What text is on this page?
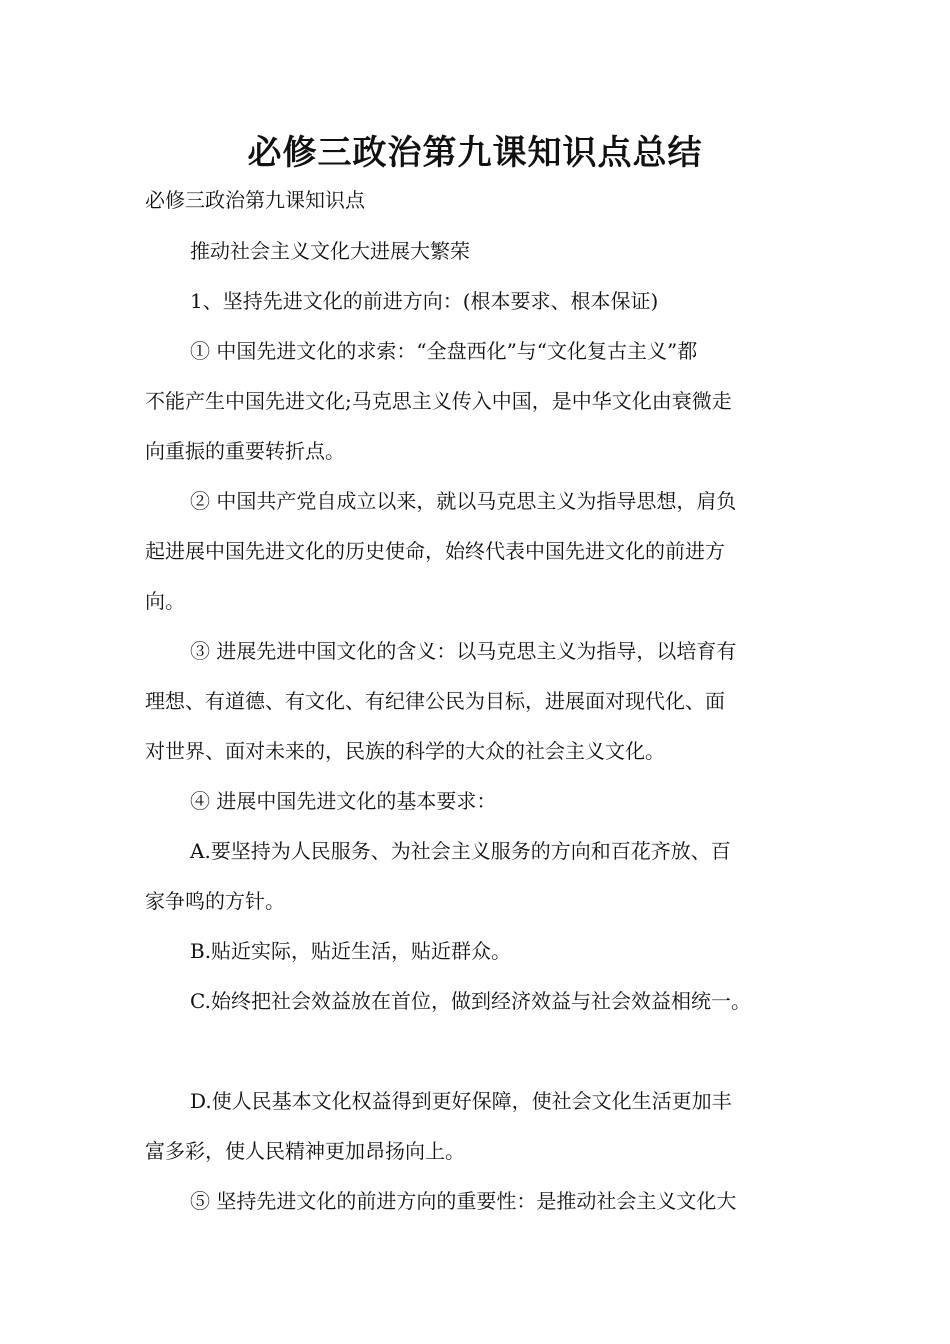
必修三政治第九课知识点总结

必修三政治第九课知识点

推动社会主义文化大进展大繁荣

1、坚持先进文化的前进方向：(根本要求、根本保证)

① 中国先进文化的求索：“全盘西化”与“文化复古主义”都

不能产生中国先进文化;马克思主义传入中国，是中华文化由衰微走

向重振的重要转折点。

② 中国共产党自成立以来，就以马克思主义为指导思想，肩负

起进展中国先进文化的历史使命，始终代表中国先进文化的前进方

向。

③ 进展先进中国文化的含义：以马克思主义为指导，以培育有

理想、有道德、有文化、有纪律公民为目标，进展面对现代化、面

对世界、面对未来的，民族的科学的大众的社会主义文化。

④ 进展中国先进文化的基本要求：

A.要坚持为人民服务、为社会主义服务的方向和百花齐放、百

家争鸣的方针。

B.贴近实际，贴近生活，贴近群众。

C.始终把社会效益放在首位，做到经济效益与社会效益相统一。

D.使人民基本文化权益得到更好保障，使社会文化生活更加丰

富多彩，使人民精神更加昂扬向上。

⑤ 坚持先进文化的前进方向的重要性：是推动社会主义文化大
